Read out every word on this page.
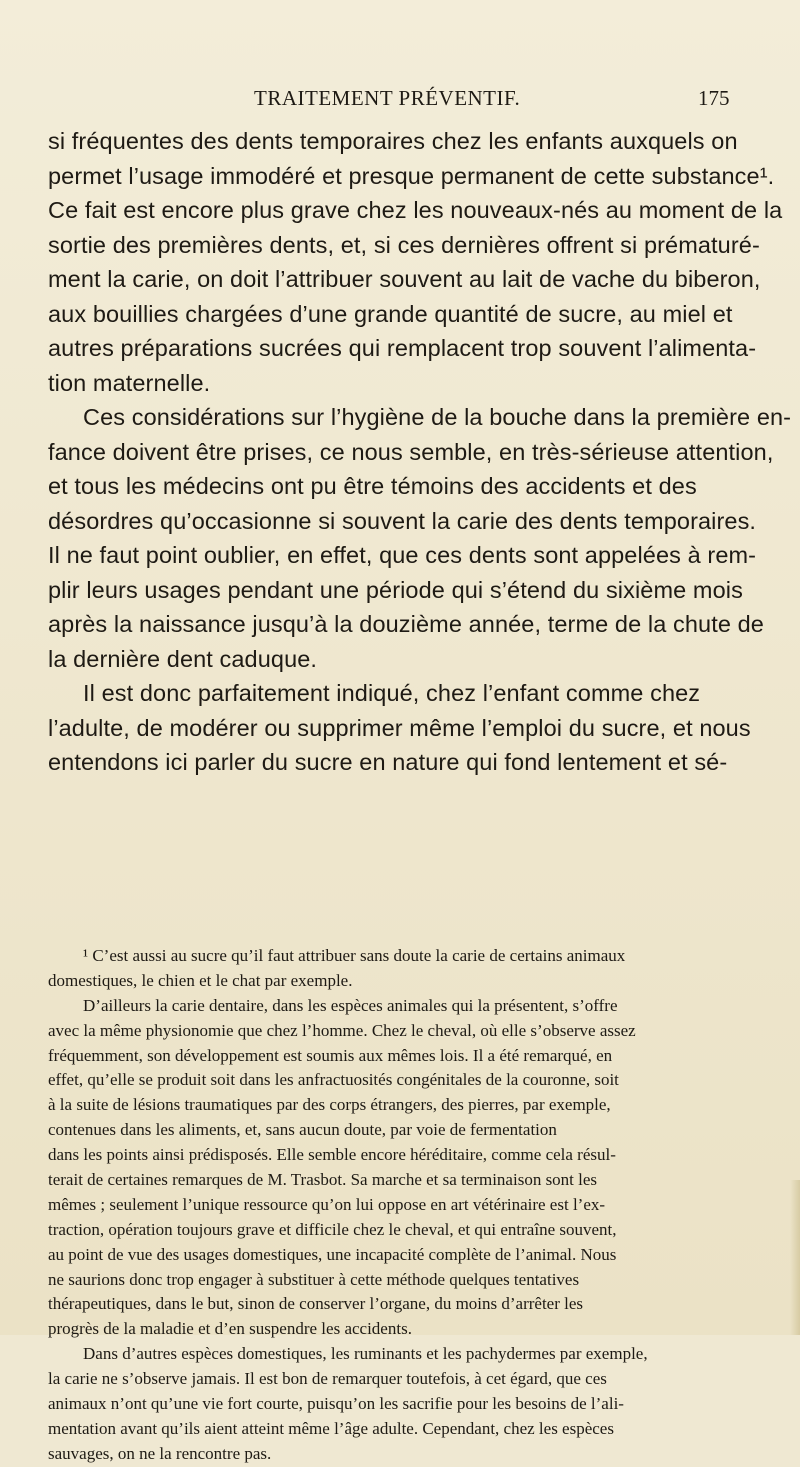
TRAITEMENT PRÉVENTIF.	175
si fréquentes des dents temporaires chez les enfants auxquels on
permet l’usage immodéré et presque permanent de cette substance¹.
Ce fait est encore plus grave chez les nouveaux-nés au moment de la
sortie des premières dents, et, si ces dernières offrent si prématuré-
ment la carie, on doit l’attribuer souvent au lait de vache du biberon,
aux bouillies chargées d’une grande quantité de sucre, au miel et
autres préparations sucrées qui remplacent trop souvent l’alimenta-
tion maternelle.
Ces considérations sur l’hygiène de la bouche dans la première en-
fance doivent être prises, ce nous semble, en très-sérieuse attention,
et tous les médecins ont pu être témoins des accidents et des
désordres qu’occasionne si souvent la carie des dents temporaires.
Il ne faut point oublier, en effet, que ces dents sont appelées à rem-
plir leurs usages pendant une période qui s’étend du sixième mois
après la naissance jusqu’à la douzième année, terme de la chute de
la dernière dent caduque.
Il est donc parfaitement indiqué, chez l’enfant comme chez
l’adulte, de modérer ou supprimer même l’emploi du sucre, et nous
entendons ici parler du sucre en nature qui fond lentement et sé-
¹ C’est aussi au sucre qu’il faut attribuer sans doute la carie de certains animaux
domestiques, le chien et le chat par exemple.
D’ailleurs la carie dentaire, dans les espèces animales qui la présentent, s’offre
avec la même physionomie que chez l’homme. Chez le cheval, où elle s’observe assez
fréquemment, son développement est soumis aux mêmes lois. Il a été remarqué, en
effet, qu’elle se produit soit dans les anfractuosités congénitales de la couronne, soit
à la suite de lésions traumatiques par des corps étrangers, des pierres, par exemple,
contenues dans les aliments, et, sans aucun doute, par voie de fermentation
dans les points ainsi prédisposés. Elle semble encore héréditaire, comme cela résul-
terait de certaines remarques de M. Trasbot. Sa marche et sa terminaison sont les
mêmes ; seulement l’unique ressource qu’on lui oppose en art vétérinaire est l’ex-
traction, opération toujours grave et difficile chez le cheval, et qui entraîne souvent,
au point de vue des usages domestiques, une incapacité complète de l’animal. Nous
ne saurions donc trop engager à substituer à cette méthode quelques tentatives
thérapeutiques, dans le but, sinon de conserver l’organe, du moins d’arrêter les
progrès de la maladie et d’en suspendre les accidents.
Dans d’autres espèces domestiques, les ruminants et les pachydermes par exemple,
la carie ne s’observe jamais. Il est bon de remarquer toutefois, à cet égard, que ces
animaux n’ont qu’une vie fort courte, puisqu’on les sacrifie pour les besoins de l’ali-
mentation avant qu’ils aient atteint même l’âge adulte. Cependant, chez les espèces
sauvages, on ne la rencontre pas.
